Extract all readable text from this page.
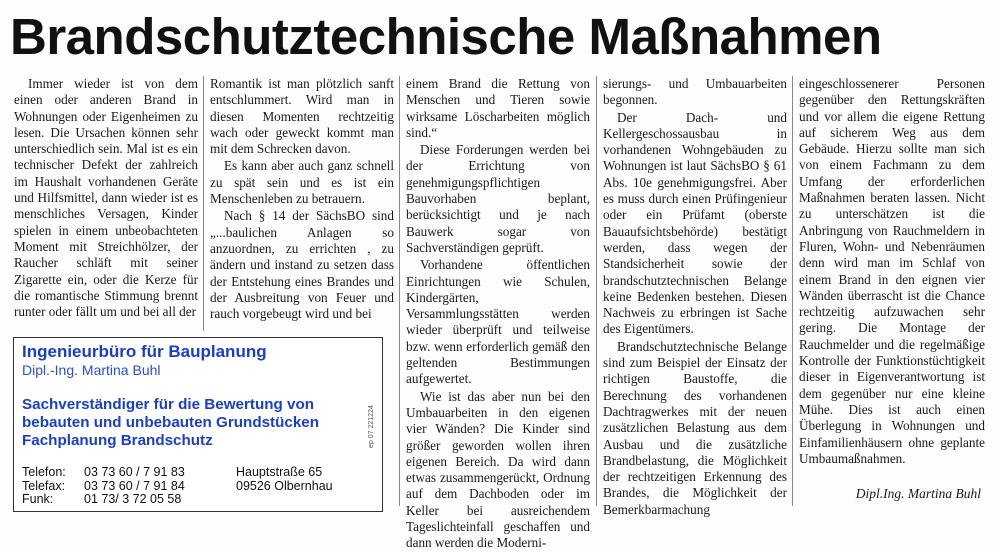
Brandschutztechnische Maßnahmen

Immer wieder ist von dem einen oder anderen Brand in Wohnungen oder Eigenheimen zu lesen. Die Ursachen können sehr unterschiedlich sein. Mal ist es ein technischer Defekt der zahlreich im Haushalt vorhandenen Geräte und Hilfsmittel, dann wieder ist es menschliches Versagen, Kinder spielen in einem unbeobachteten Moment mit Streichhölzer, der Raucher schläft mit seiner Zigarette ein, oder die Kerze für die romantische Stimmung brennt runter oder fällt um und bei all der

Romantik ist man plötzlich sanft entschlummert. Wird man in diesen Momenten rechtzeitig wach oder geweckt kommt man mit dem Schrecken davon.

Es kann aber auch ganz schnell zu spät sein und es ist ein Menschenleben zu betrauern.

Nach § 14 der SächsBO sind „...baulichen Anlagen so anzuordnen, zu errichten , zu ändern und instand zu setzen dass der Entstehung eines Brandes und der Ausbreitung von Feuer und rauch vorgebeugt wird und bei

einem Brand die Rettung von Menschen und Tieren sowie wirksame Löscharbeiten möglich sind.“

Diese Forderungen werden bei der Errichtung von genehmigungspflichtigen Bauvorhaben beplant, berücksichtigt und je nach Bauwerk sogar von Sachverständigen geprüft.

Vorhandene öffentlichen Einrichtungen wie Schulen, Kindergärten, Versammlungsstätten werden wieder überprüft und teilweise bzw. wenn erforderlich gemäß den geltenden Bestimmungen aufgewertet.

Wie ist das aber nun bei den Umbauarbeiten in den eigenen vier Wänden? Die Kinder sind größer geworden wollen ihren eigenen Bereich. Da wird dann etwas zusammengerückt, Ordnung auf dem Dachboden oder im Keller bei ausreichendem Tageslichteinfall geschaffen und dann werden die Moderni-

sierungs- und Umbauarbeiten begonnen.

Der Dach- und Kellergeschossausbau in vorhandenen Wohngebäuden zu Wohnungen ist laut SächsBO § 61 Abs. 10e genehmigungsfrei. Aber es muss durch einen Prüfingenieur oder ein Prüfamt (oberste Bauaufsichtsbehörde) bestätigt werden, dass wegen der Standsicherheit sowie der brandschutztechnischen Belange keine Bedenken bestehen. Diesen Nachweis zu erbringen ist Sache des Eigentümers.

Brandschutztechnische Belange sind zum Beispiel der Einsatz der richtigen Baustoffe, die Berechnung des vorhandenen Dachtragwerkes mit der neuen zusätzlichen Belastung aus dem Ausbau und die zusätzliche Brandbelastung, die Möglichkeit der rechtzeitigen Erkennung des Brandes, die Möglichkeit der Bemerkbarmachung

eingeschlossenerer Personen gegenüber den Rettungskräften und vor allem die eigene Rettung auf sicherem Weg aus dem Gebäude. Hierzu sollte man sich von einem Fachmann zu dem Umfang der erforderlichen Maßnahmen beraten lassen. Nicht zu unterschätzen ist die Anbringung von Rauchmeldern in Fluren, Wohn- und Nebenräumen denn wird man im Schlaf von einem Brand in den eignen vier Wänden überrascht ist die Chance rechtzeitig aufzuwachen sehr gering. Die Montage der Rauchmelder und die regelmäßige Kontrolle der Funktionstüchtigkeit dieser in Eigenverantwortung ist dem gegenüber nur eine kleine Mühe. Dies ist auch einen Überlegung in Wohnungen und Einfamilienhäusern ohne geplante Umbaumaßnahmen.

Dipl.Ing. Martina Buhl
Ingenieurbüro für Bauplanung
Dipl.-Ing. Martina Buhl
Sachverständiger für die Bewertung von
bebauten und unbebauten Grundstücken
Fachplanung Brandschutz
Telefon:	03 73 60 / 7 91 83	Hauptstraße 65
Telefax:	03 73 60 / 7 91 84	09526 Olbernhau
Funk:	01 73/ 3 72 05 58
ep 07 221224
